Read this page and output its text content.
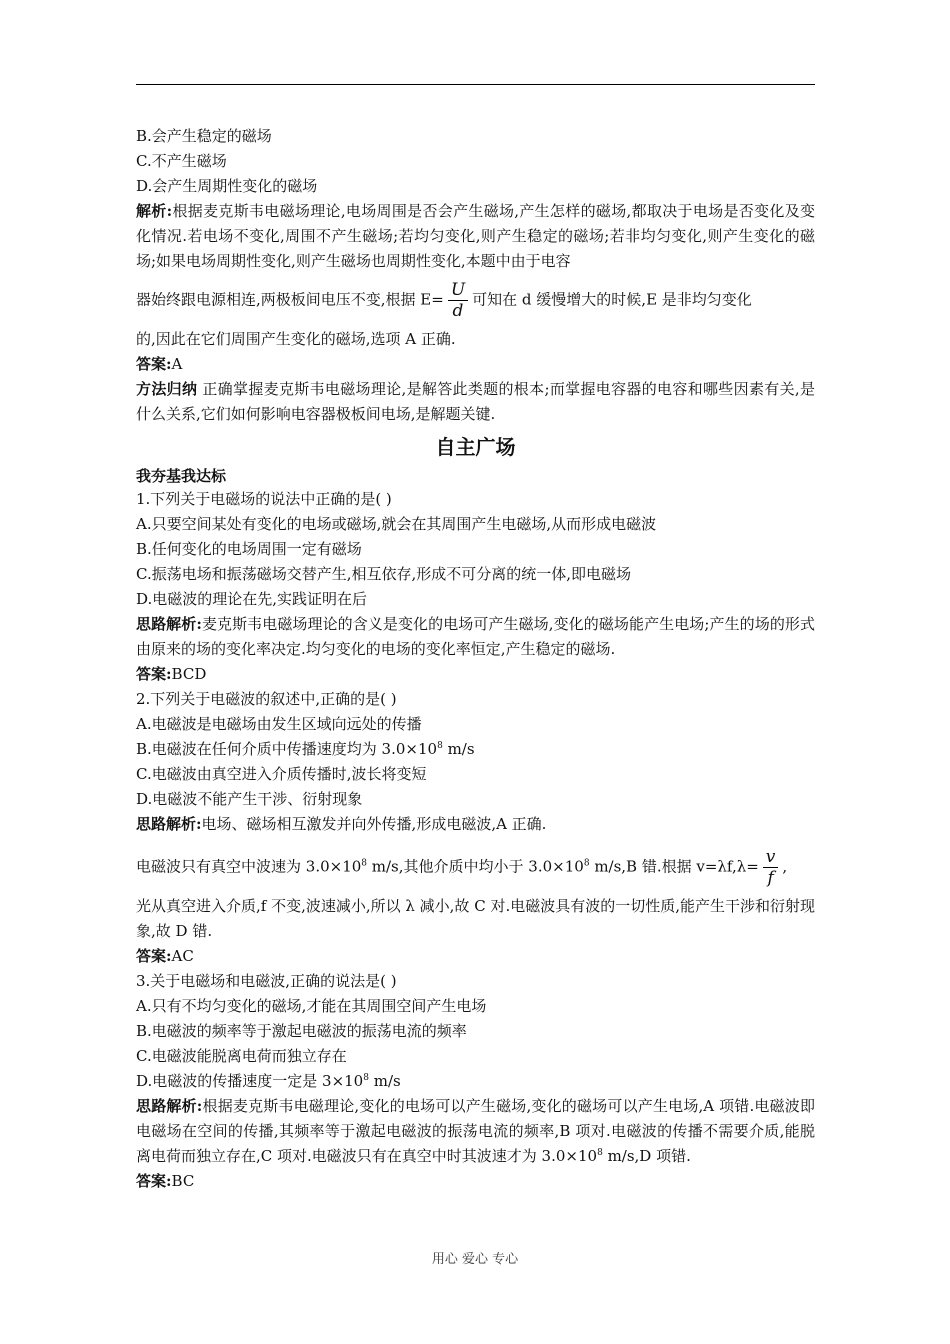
B.会产生稳定的磁场
C.不产生磁场
D.会产生周期性变化的磁场
解析:根据麦克斯韦电磁场理论,电场周围是否会产生磁场,产生怎样的磁场,都取决于电场是否变化及变化情况.若电场不变化,周围不产生磁场;若均匀变化,则产生稳定的磁场;若非均匀变化,则产生变化的磁场;如果电场周期性变化,则产生磁场也周期性变化,本题中由于电容
器始终跟电源相连,两极板间电压不变,根据 $E= \frac{U}{d}$ 可知在 d 缓慢增大的时候,E 是非均匀变化
的,因此在它们周围产生变化的磁场,选项 A 正确.
答案:A
方法归纳 正确掌握麦克斯韦电磁场理论,是解答此类题的根本;而掌握电容器的电容和哪些因素有关,是什么关系,它们如何影响电容器极板间电场,是解题关键.
自主广场
我夯基我达标
1.下列关于电磁场的说法中正确的是( )
A.只要空间某处有变化的电场或磁场,就会在其周围产生电磁场,从而形成电磁波
B.任何变化的电场周围一定有磁场
C.振荡电场和振荡磁场交替产生,相互依存,形成不可分离的统一体,即电磁场
D.电磁波的理论在先,实践证明在后
思路解析:麦克斯韦电磁场理论的含义是变化的电场可产生磁场,变化的磁场能产生电场;产生的场的形式由原来的场的变化率决定.均匀变化的电场的变化率恒定,产生稳定的磁场.
答案:BCD
2.下列关于电磁波的叙述中,正确的是( )
A.电磁波是电磁场由发生区域向远处的传播
B.电磁波在任何介质中传播速度均为 $3.0\times 10^8$ m/s
C.电磁波由真空进入介质传播时,波长将变短
D.电磁波不能产生干涉、衍射现象
思路解析:电场、磁场相互激发并向外传播,形成电磁波,A 正确.
电磁波只有真空中波速为 $3.0\times 10^8$ m/s,其他介质中均小于 $3.0\times 10^8$ m/s,B 错.根据 $v=\lambda f,\lambda= \frac{v}{f}$ ,
光从真空进入介质,f 不变,波速减小,所以 λ 减小,故 C 对.电磁波具有波的一切性质,能产生干涉和衍射现象,故 D 错.
答案:AC
3.关于电磁场和电磁波,正确的说法是( )
A.只有不均匀变化的磁场,才能在其周围空间产生电场
B.电磁波的频率等于激起电磁波的振荡电流的频率
C.电磁波能脱离电荷而独立存在
D.电磁波的传播速度一定是 $3\times 10^8$ m/s
思路解析:根据麦克斯韦电磁理论,变化的电场可以产生磁场,变化的磁场可以产生电场,A 项错.电磁波即电磁场在空间的传播,其频率等于激起电磁波的振荡电流的频率,B 项对.电磁波的传播不需要介质,能脱离电荷而独立存在,C 项对.电磁波只有在真空中时其波速才为 $3.0\times 10^8$ m/s,D 项错.
答案:BC
用心 爱心 专心
